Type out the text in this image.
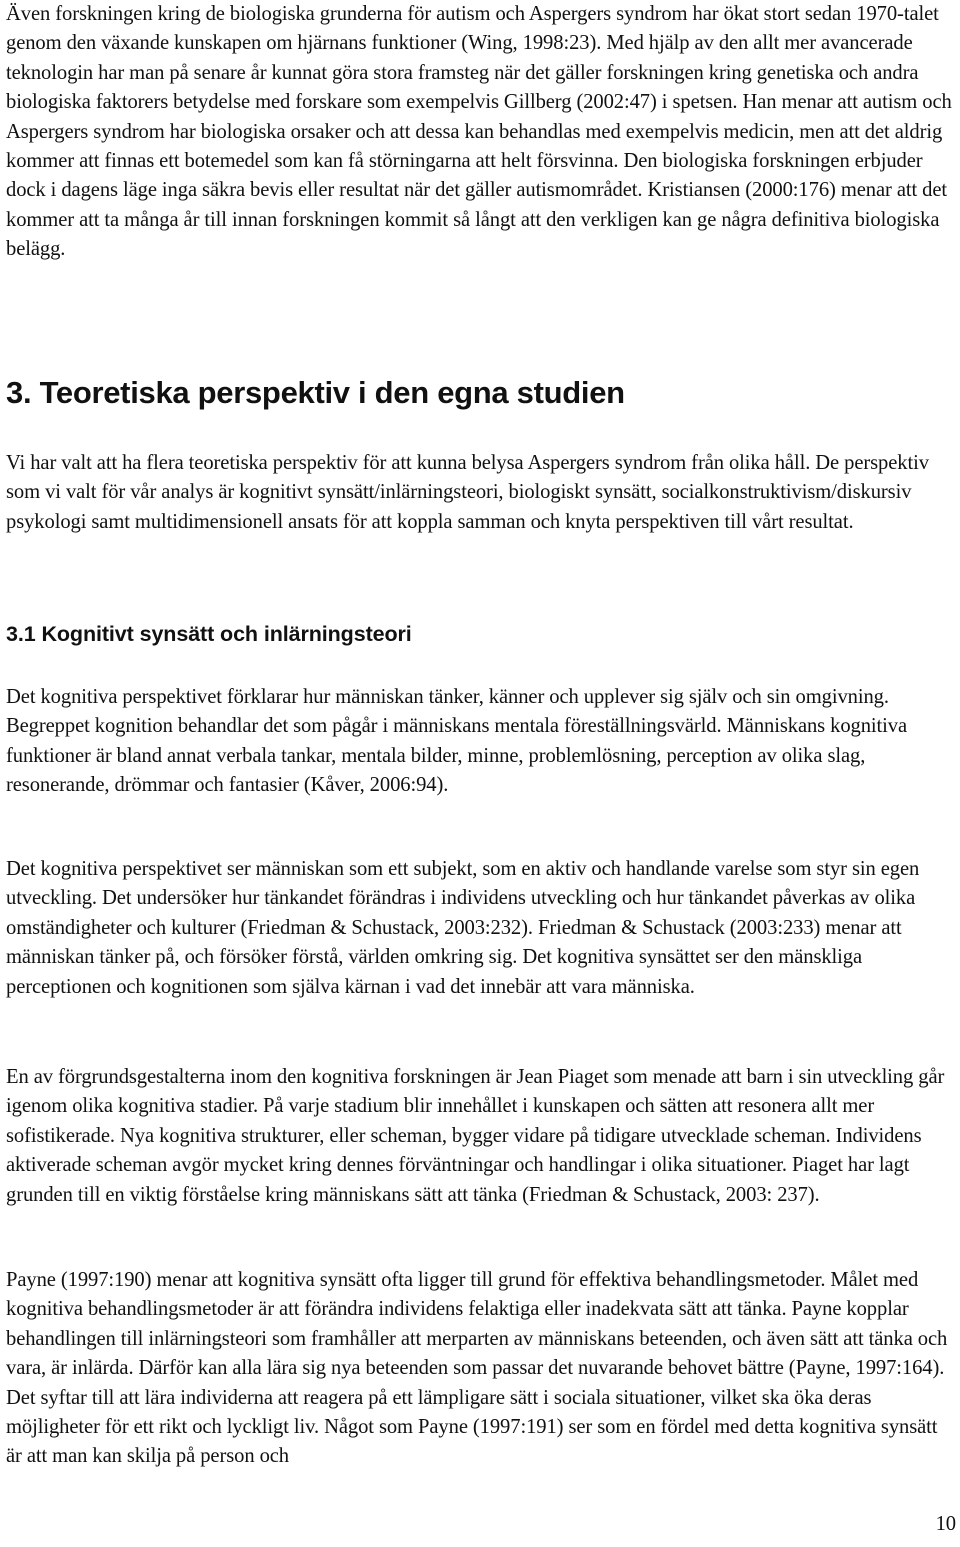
Även forskningen kring de biologiska grunderna för autism och Aspergers syndrom har ökat stort sedan 1970-talet genom den växande kunskapen om hjärnans funktioner (Wing, 1998:23). Med hjälp av den allt mer avancerade teknologin har man på senare år kunnat göra stora framsteg när det gäller forskningen kring genetiska och andra biologiska faktorers betydelse med forskare som exempelvis Gillberg (2002:47) i spetsen. Han menar att autism och Aspergers syndrom har biologiska orsaker och att dessa kan behandlas med exempelvis medicin, men att det aldrig kommer att finnas ett botemedel som kan få störningarna att helt försvinna. Den biologiska forskningen erbjuder dock i dagens läge inga säkra bevis eller resultat när det gäller autismområdet. Kristiansen (2000:176) menar att det kommer att ta många år till innan forskningen kommit så långt att den verkligen kan ge några definitiva biologiska belägg.

3. Teoretiska perspektiv i den egna studien

Vi har valt att ha flera teoretiska perspektiv för att kunna belysa Aspergers syndrom från olika håll. De perspektiv som vi valt för vår analys är kognitivt synsätt/inlärningsteori, biologiskt synsätt, socialkonstruktivism/diskursiv psykologi samt multidimensionell ansats för att koppla samman och knyta perspektiven till vårt resultat.

3.1 Kognitivt synsätt och inlärningsteori

Det kognitiva perspektivet förklarar hur människan tänker, känner och upplever sig själv och sin omgivning. Begreppet kognition behandlar det som pågår i människans mentala föreställningsvärld. Människans kognitiva funktioner är bland annat verbala tankar, mentala bilder, minne, problemlösning, perception av olika slag, resonerande, drömmar och fantasier (Kåver, 2006:94).

Det kognitiva perspektivet ser människan som ett subjekt, som en aktiv och handlande varelse som styr sin egen utveckling. Det undersöker hur tänkandet förändras i individens utveckling och hur tänkandet påverkas av olika omständigheter och kulturer (Friedman & Schustack, 2003:232). Friedman & Schustack (2003:233) menar att människan tänker på, och försöker förstå, världen omkring sig. Det kognitiva synsättet ser den mänskliga perceptionen och kognitionen som själva kärnan i vad det innebär att vara människa.

En av förgrundsgestalterna inom den kognitiva forskningen är Jean Piaget som menade att barn i sin utveckling går igenom olika kognitiva stadier. På varje stadium blir innehållet i kunskapen och sätten att resonera allt mer sofistikerade. Nya kognitiva strukturer, eller scheman, bygger vidare på tidigare utvecklade scheman. Individens aktiverade scheman avgör mycket kring dennes förväntningar och handlingar i olika situationer. Piaget har lagt grunden till en viktig förståelse kring människans sätt att tänka (Friedman & Schustack, 2003: 237).

Payne (1997:190) menar att kognitiva synsätt ofta ligger till grund för effektiva behandlingsmetoder. Målet med kognitiva behandlingsmetoder är att förändra individens felaktiga eller inadekvata sätt att tänka. Payne kopplar behandlingen till inlärningsteori som framhåller att merparten av människans beteenden, och även sätt att tänka och vara, är inlärda. Därför kan alla lära sig nya beteenden som passar det nuvarande behovet bättre (Payne, 1997:164). Det syftar till att lära individerna att reagera på ett lämpligare sätt i sociala situationer, vilket ska öka deras möjligheter för ett rikt och lyckligt liv. Något som Payne (1997:191) ser som en fördel med detta kognitiva synsätt är att man kan skilja på person och

10
